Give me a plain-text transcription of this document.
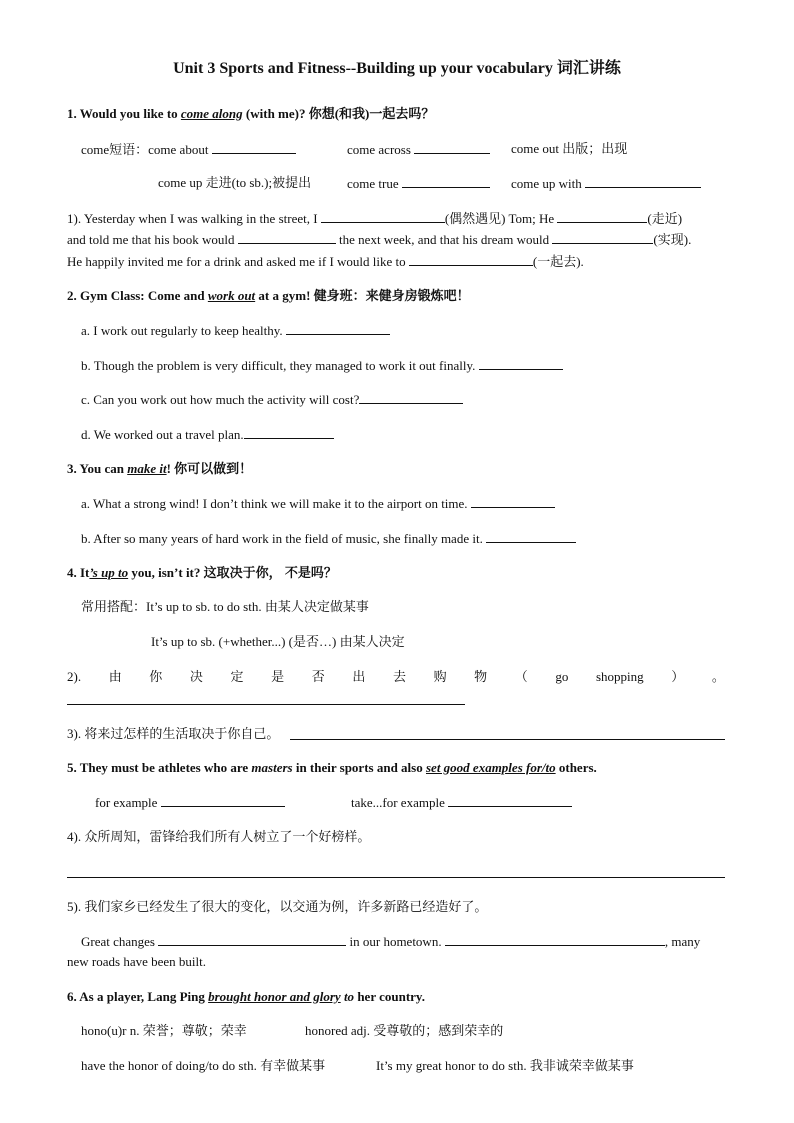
Unit 3 Sports and Fitness--Building up your vocabulary 词汇讲练
1. Would you like to come along (with me)? 你想(和我)一起去吗？
come短语：come about	come across	come out 出版；出现
come up 走进(to sb.);被提出	come true	come up with
1). Yesterday when I was walking in the street, I	(偶然遇见) Tom; He	(走近)
and told me that his book would	the next week, and that his dream would	(实现).
He happily invited me for a drink and asked me if I would like to	(一起去).
2. Gym Class: Come and work out at a gym! 健身班：来健身房锻炼吧！
a. I work out regularly to keep healthy.
b. Though the problem is very difficult, they managed to work it out finally.
c. Can you work out how much the activity will cost?
d. We worked out a travel plan.
3. You can make it! 你可以做到！
a. What a strong wind! I don’t think we will make it to the airport on time.
b. After so many years of hard work in the field of music, she finally made it.
4. It’s up to you, isn’t it? 这取决于你， 不是吗？
常用搭配：It’s up to sb. to do sth. 由某人决定做某事
It’s up to sb. (+whether...) (是否…) 由某人决定
2). 由 你 决 定 是 否 出 去 购 物 （ go shopping ） 。
3). 将来过怎样的生活取决于你自己。
5. They must be athletes who are masters in their sports and also set good examples for/to others.
for example	take...for example
4). 众所周知，雷锋给我们所有人树立了一个好榜样。
5). 我们家乡已经发生了很大的变化，以交通为例，许多新路已经造好了。
Great changes	in our hometown.	, many
new roads have been built.
6. As a player, Lang Ping brought honor and glory to her country.
hono(u)r n. 荣誉；尊敬；荣幸	honored adj. 受尊敬的；感到荣幸的
have the honor of doing/to do sth. 有幸做某事	It’s my great honor to do sth. 我非诚荣幸做某事
